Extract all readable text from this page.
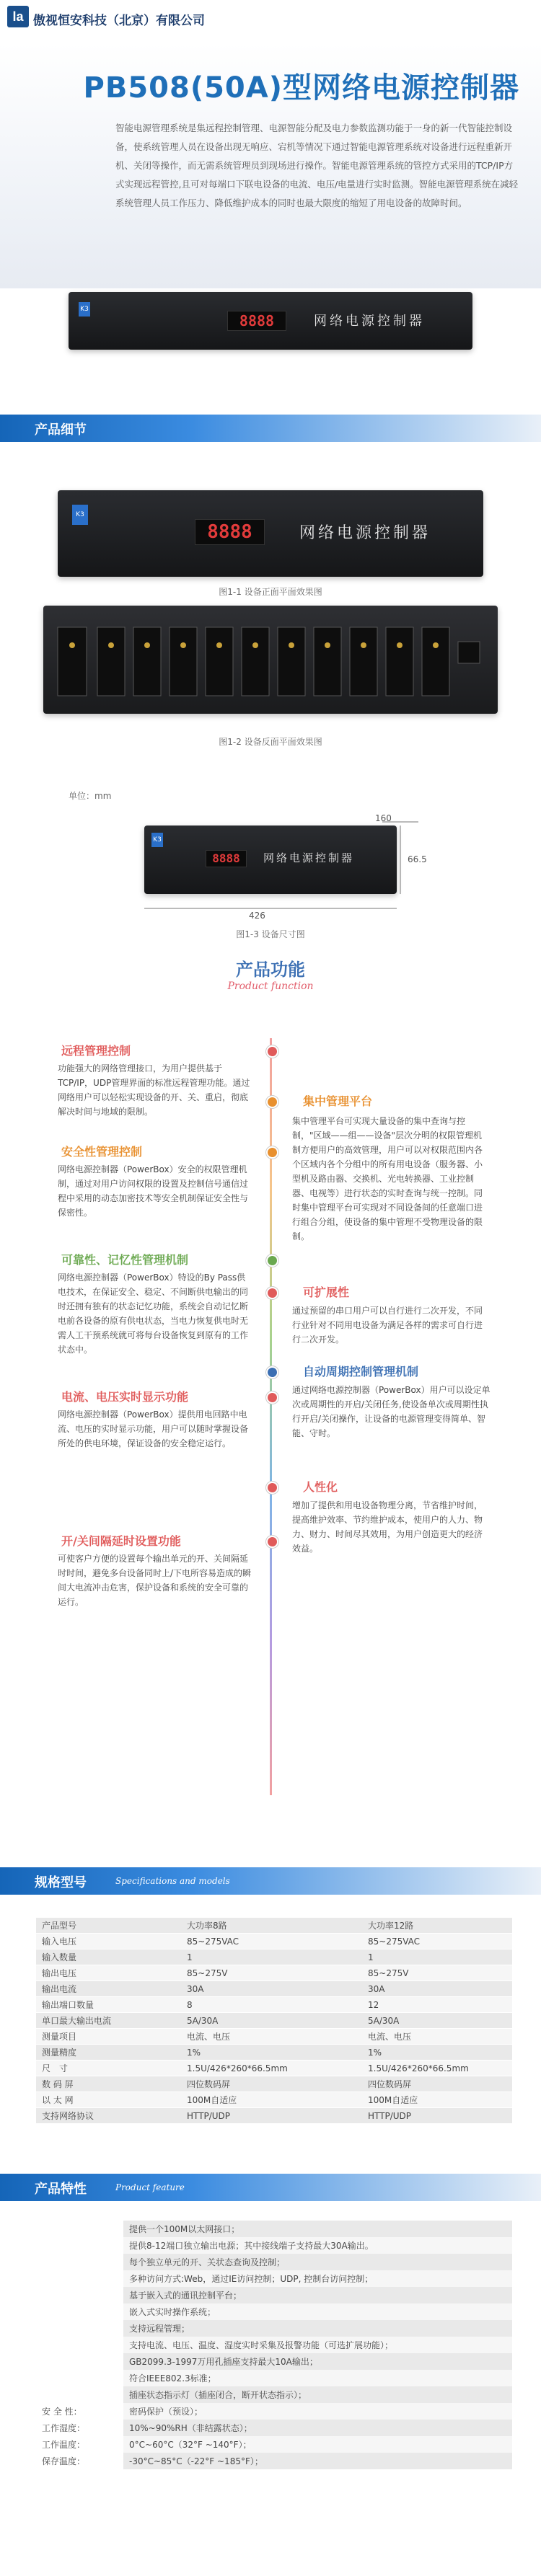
la 傲视恒安科技（北京）有限公司
PB508(50A)型网络电源控制器
智能电源管理系统是集远程控制管理、电源智能分配及电力参数监测功能于一身的新一代智能控制设备，使系统管理人员在设备出现无响应、宕机等情况下通过智能电源管理系统对设备进行远程重新开机、关闭等操作，而无需系统管理员到现场进行操作。智能电源管理系统的管控方式采用的TCP/IP方式实现远程管控,且可对每端口下联电设备的电流、电压/电量进行实时监测。智能电源管理系统在减轻系统管理人员工作压力、降低维护成本的同时也最大限度的缩短了用电设备的故障时间。
K3
8888	网络电源控制器
产品细节
K3
8888	网络电源控制器
图1-1 设备正面平面效果图
图1-2 设备反面平面效果图
单位：mm
K3
8888	网络电源控制器
426
160
66.5
图1-3 设备尺寸图
产品功能
Product function
远程管理控制
功能强大的网络管理接口，为用户提供基于TCP/IP，UDP管理界面的标准远程管理功能。通过网络用户可以轻松实现设备的开、关、重启，彻底解决时间与地域的限制。
集中管理平台
集中管理平台可实现大量设备的集中查询与控制，"区域——组——设备"层次分明的权限管理机制方便用户的高效管理，用户可以对权限范围内各个区域内各个分组中的所有用电设备（服务器、小型机及路由器、交换机、光电转换器、工业控制器、电视等）进行状态的实时查询与统一控制。同时集中管理平台可实现对不同设备间的任意端口进行组合分组，使设备的集中管理不受物理设备的限制。
安全性管理控制
网络电源控制器（PowerBox）安全的权限管理机制，通过对用户访问权限的设置及控制信号通信过程中采用的动态加密技术等安全机制保证安全性与保密性。
可靠性、记忆性管理机制
网络电源控制器（PowerBox）特设的By Pass供电技术，在保证安全、稳定、不间断供电输出的同时还拥有独有的状态记忆功能，系统会自动记忆断电前各设备的原有供电状态，当电力恢复供电时无需人工干预系统就可将每台设备恢复到原有的工作状态中。
可扩展性
通过预留的串口用户可以自行进行二次开发，不同行业针对不同用电设备为满足各样的需求可自行进行二次开发。
电流、电压实时显示功能
网络电源控制器（PowerBox）提供用电回路中电流、电压的实时显示功能，用户可以随时掌握设备所处的供电环境，保证设备的安全稳定运行。
自动周期控制管理机制
通过网络电源控制器（PowerBox）用户可以设定单次或周期性的开启/关闭任务,使设备单次或周期性执行开启/关闭操作，让设备的电源管理变得简单、智能、守时。
人性化
增加了提供和用电设备物理分离，节省维护时间，提高维护效率、节约维护成本，使用户的人力、物力、财力、时间尽其效用，为用户创造更大的经济效益。
开/关间隔延时设置功能
可使客户方便的设置每个输出单元的开、关间隔延时时间，避免多台设备同时上/下电所容易造成的瞬间大电流冲击危害，保护设备和系统的安全可靠的运行。
规格型号	Specifications and models
产品型号	大功率8路	大功率12路
输入电压	85~275VAC	85~275VAC
输入数量	1	1
输出电压	85~275V	85~275V
输出电流	30A	30A
输出端口数量	8	12
单口最大输出电流	5A/30A	5A/30A
测量项目	电流、电压	电流、电压
测量精度	1%	1%
尺　寸	1.5U/426*260*66.5mm	1.5U/426*260*66.5mm
数 码 屏	四位数码屏	四位数码屏
以 太 网	100M自适应	100M自适应
支持网络协议	HTTP/UDP	HTTP/UDP
产品特性	Product feature
	提供一个100M以太网接口；
	提供8-12端口独立输出电源；其中接线端子支持最大30A输出。
	每个独立单元的开、关状态查询及控制；
	多种访问方式:Web，通过IE访问控制；UDP, 控制台访问控制；
	基于嵌入式的通讯控制平台；
	嵌入式实时操作系统；
	支持远程管理；
	支持电流、电压、温度、湿度实时采集及报警功能（可选扩展功能）；
	GB2099.3-1997万用孔插座支持最大10A输出；
	符合IEEE802.3标准；
	插座状态指示灯（插座闭合，断开状态指示）；
安 全 性：	密码保护（预设）；
工作湿度：	10%~90%RH（非结露状态）；
工作温度：	0°C~60°C（32°F ~140°F）；
保存温度：	-30°C~85°C（-22°F ~185°F）；
